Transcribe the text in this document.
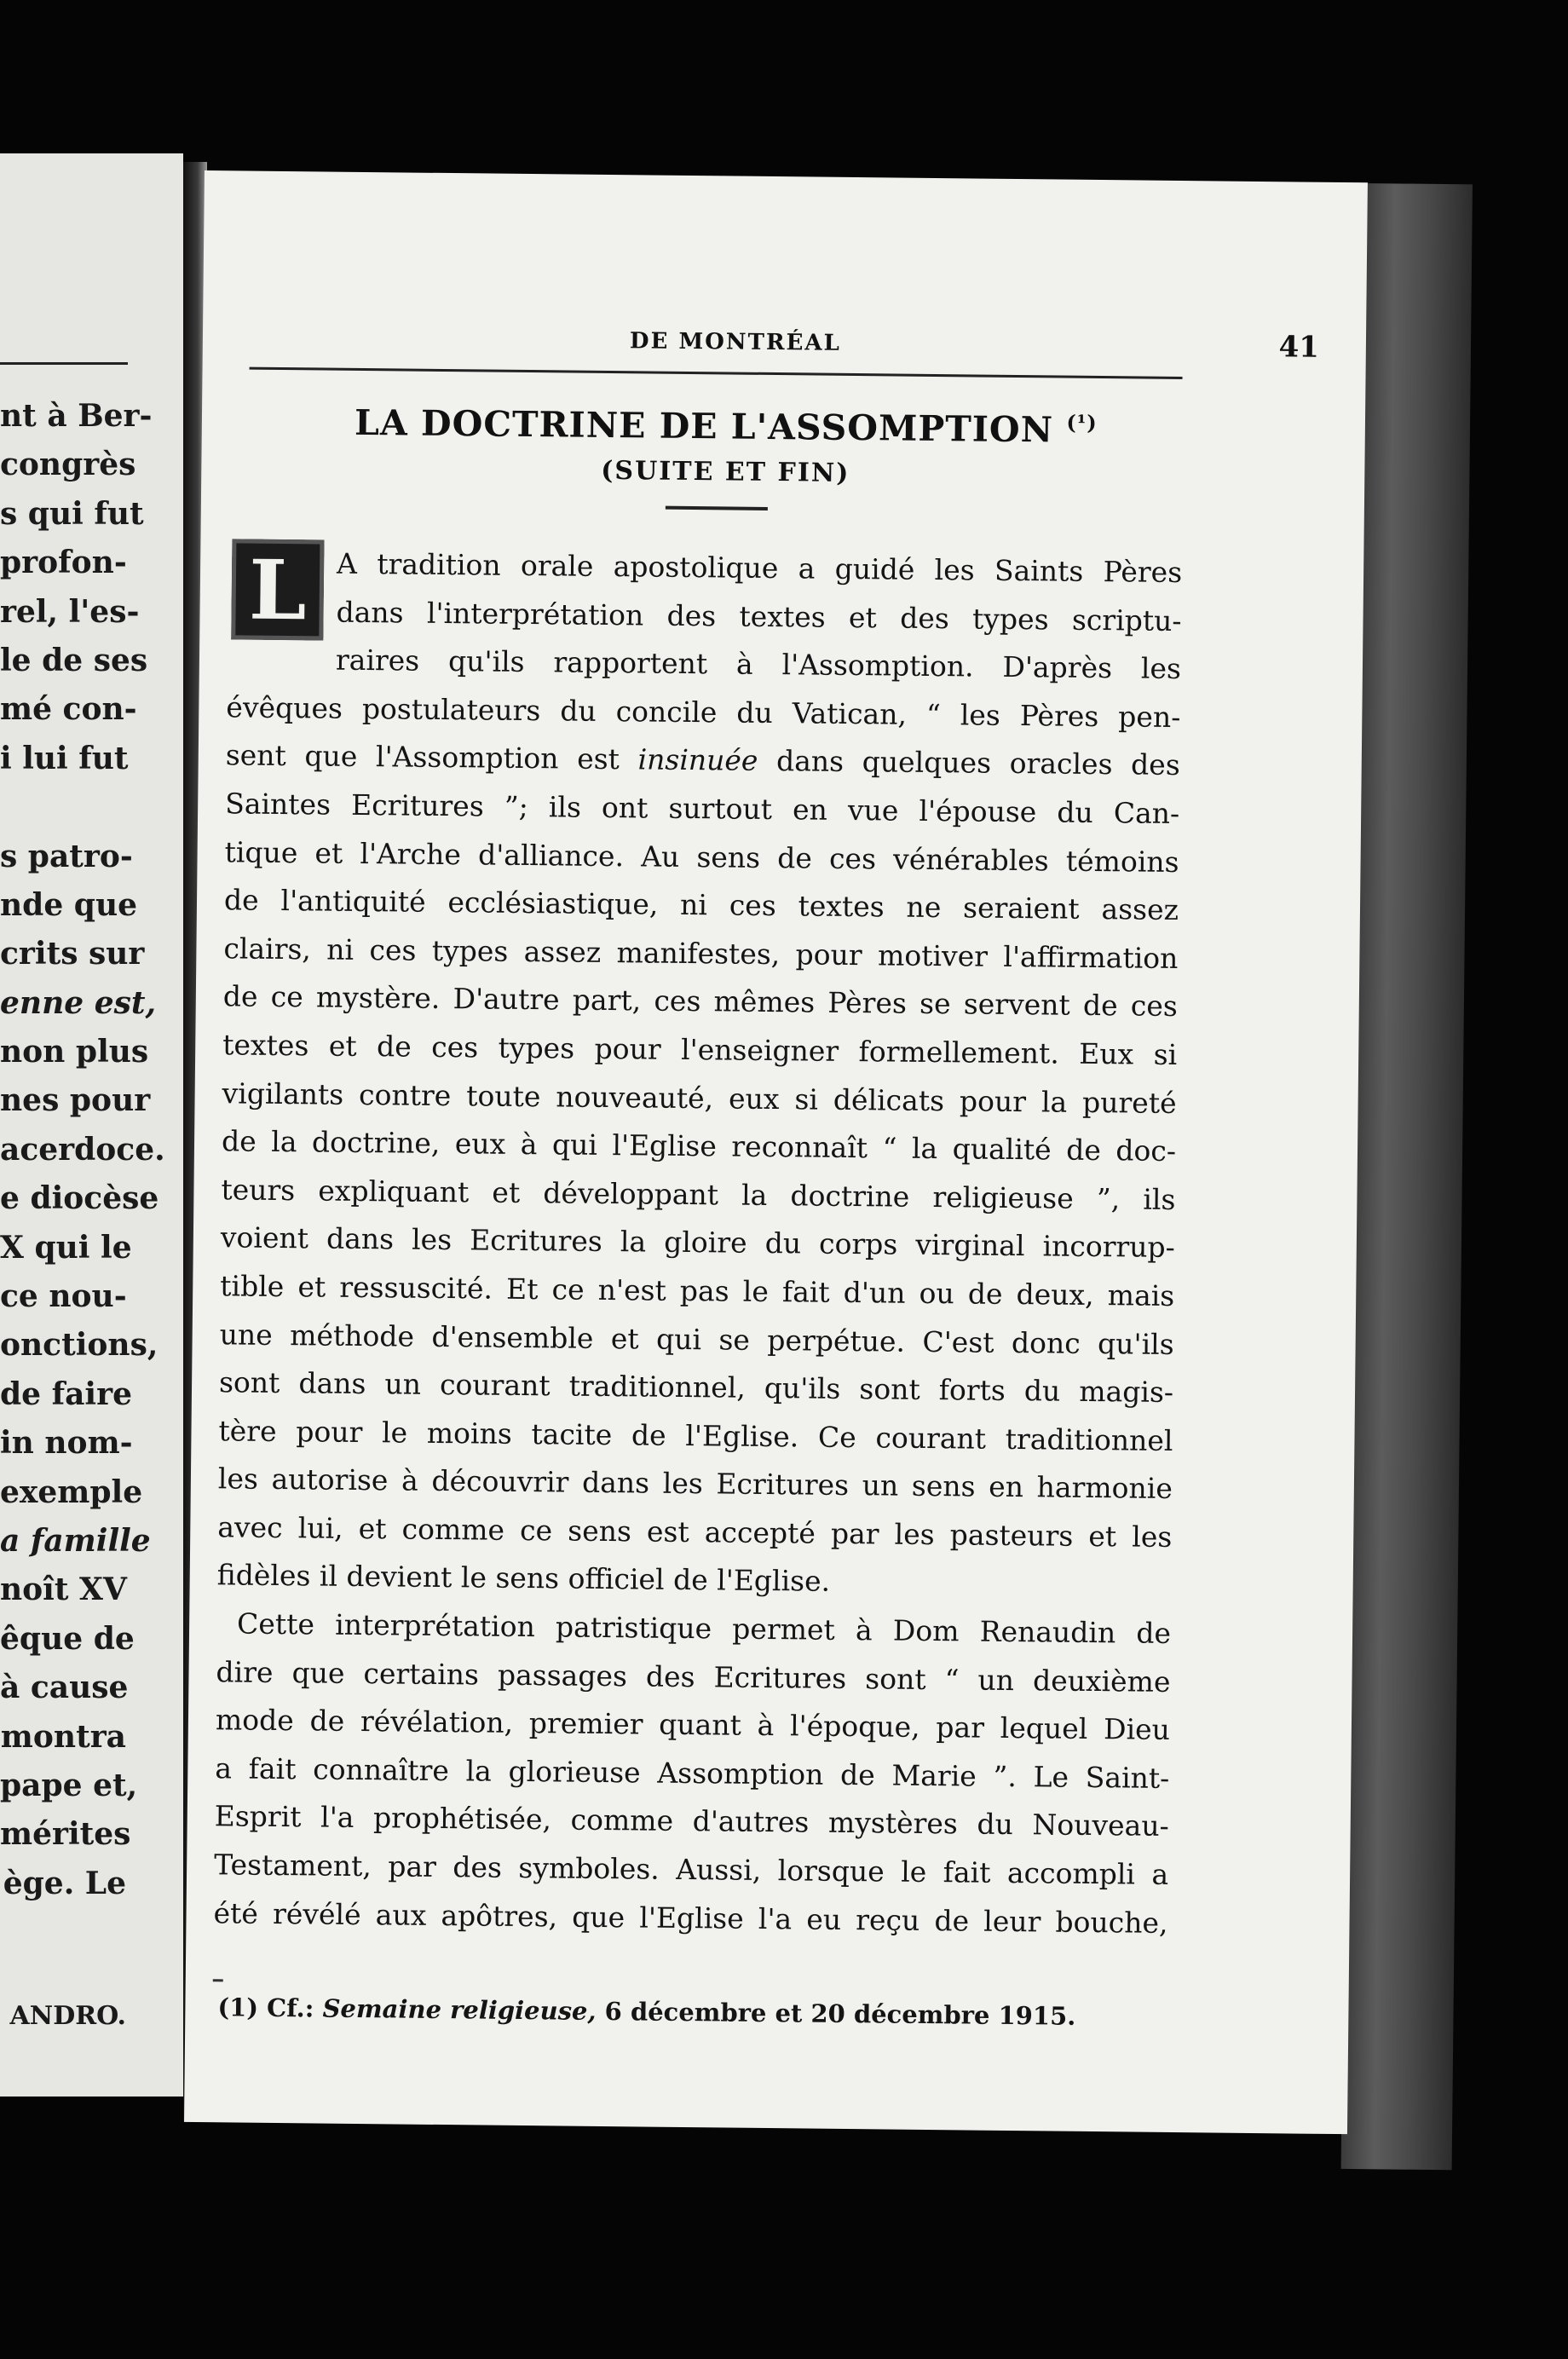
nt à Ber-
congrès
s qui fut
profon-
rel, l'es-
le de ses
mé con-
i lui fut
s patro-
nde que
crits sur
enne est,
non plus
nes pour
acerdoce.
e diocèse
X qui le
ce nou-
onctions,
de faire
in nom-
exemple
a famille
noît XV
êque de
à cause
montra
pape et,
mérites
ège. Le
ANDRO.
DE MONTRÉAL	41
LA DOCTRINE DE L'ASSOMPTION $^{(^1)}$
(SUITE ET FIN)
A tradition orale apostolique a guidé les Saints Pères
dans l'interprétation des textes et des types scriptu-
raires qu'ils rapportent à l'Assomption. D'après les
évêques postulateurs du concile du Vatican, “ les Pères pen-
sent que l'Assomption est insinuée dans quelques oracles des
Saintes Ecritures ”; ils ont surtout en vue l'épouse du Can-
tique et l'Arche d'alliance. Au sens de ces vénérables témoins
de l'antiquité ecclésiastique, ni ces textes ne seraient assez
clairs, ni ces types assez manifestes, pour motiver l'affirmation
de ce mystère. D'autre part, ces mêmes Pères se servent de ces
textes et de ces types pour l'enseigner formellement. Eux si
vigilants contre toute nouveauté, eux si délicats pour la pureté
de la doctrine, eux à qui l'Eglise reconnaît “ la qualité de doc-
teurs expliquant et développant la doctrine religieuse ”, ils
voient dans les Ecritures la gloire du corps virginal incorrup-
tible et ressuscité. Et ce n'est pas le fait d'un ou de deux, mais
une méthode d'ensemble et qui se perpétue. C'est donc qu'ils
sont dans un courant traditionnel, qu'ils sont forts du magis-
tère pour le moins tacite de l'Eglise. Ce courant traditionnel
les autorise à découvrir dans les Ecritures un sens en harmonie
avec lui, et comme ce sens est accepté par les pasteurs et les
fidèles il devient le sens officiel de l'Eglise.
Cette interprétation patristique permet à Dom Renaudin de
dire que certains passages des Ecritures sont “ un deuxième
mode de révélation, premier quant à l'époque, par lequel Dieu
a fait connaître la glorieuse Assomption de Marie ”. Le Saint-
Esprit l'a prophétisée, comme d'autres mystères du Nouveau-
Testament, par des symboles. Aussi, lorsque le fait accompli a
été révélé aux apôtres, que l'Eglise l'a eu reçu de leur bouche,
L
(1) Cf.: Semaine religieuse, 6 décembre et 20 décembre 1915.
